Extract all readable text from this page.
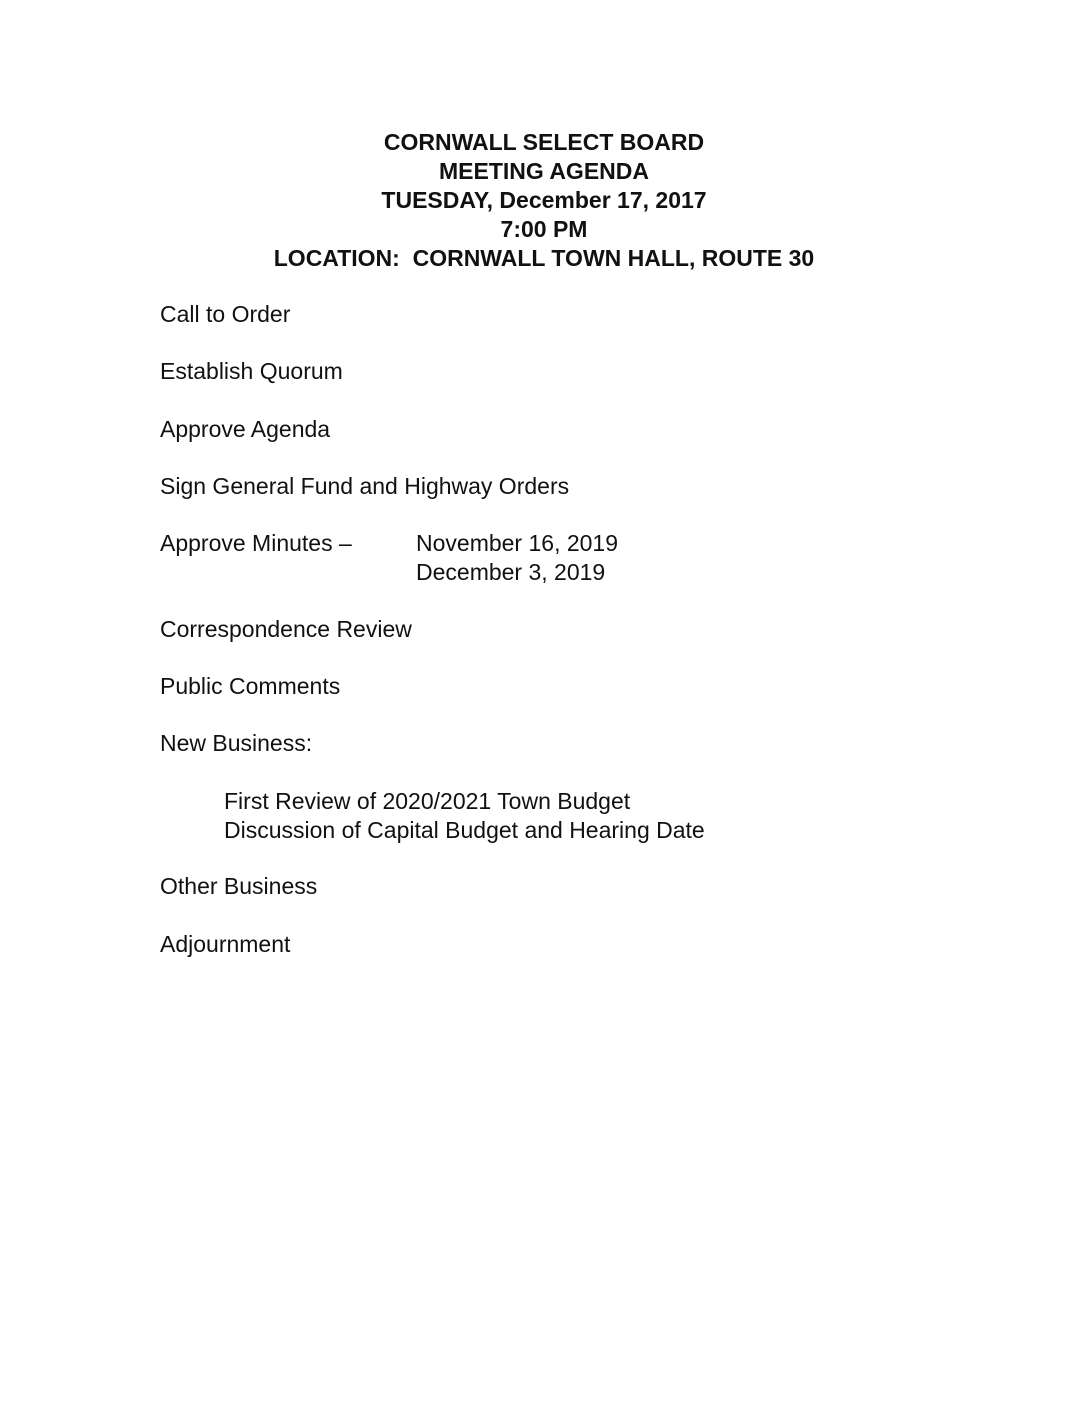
CORNWALL SELECT BOARD
MEETING AGENDA
TUESDAY, December 17, 2017
7:00 PM
LOCATION:  CORNWALL TOWN HALL, ROUTE 30
Call to Order
Establish Quorum
Approve Agenda
Sign General Fund and Highway Orders
Approve Minutes –	November 16, 2019
December 3, 2019
Correspondence Review
Public Comments
New Business:
First Review of 2020/2021 Town Budget
Discussion of Capital Budget and Hearing Date
Other Business
Adjournment
